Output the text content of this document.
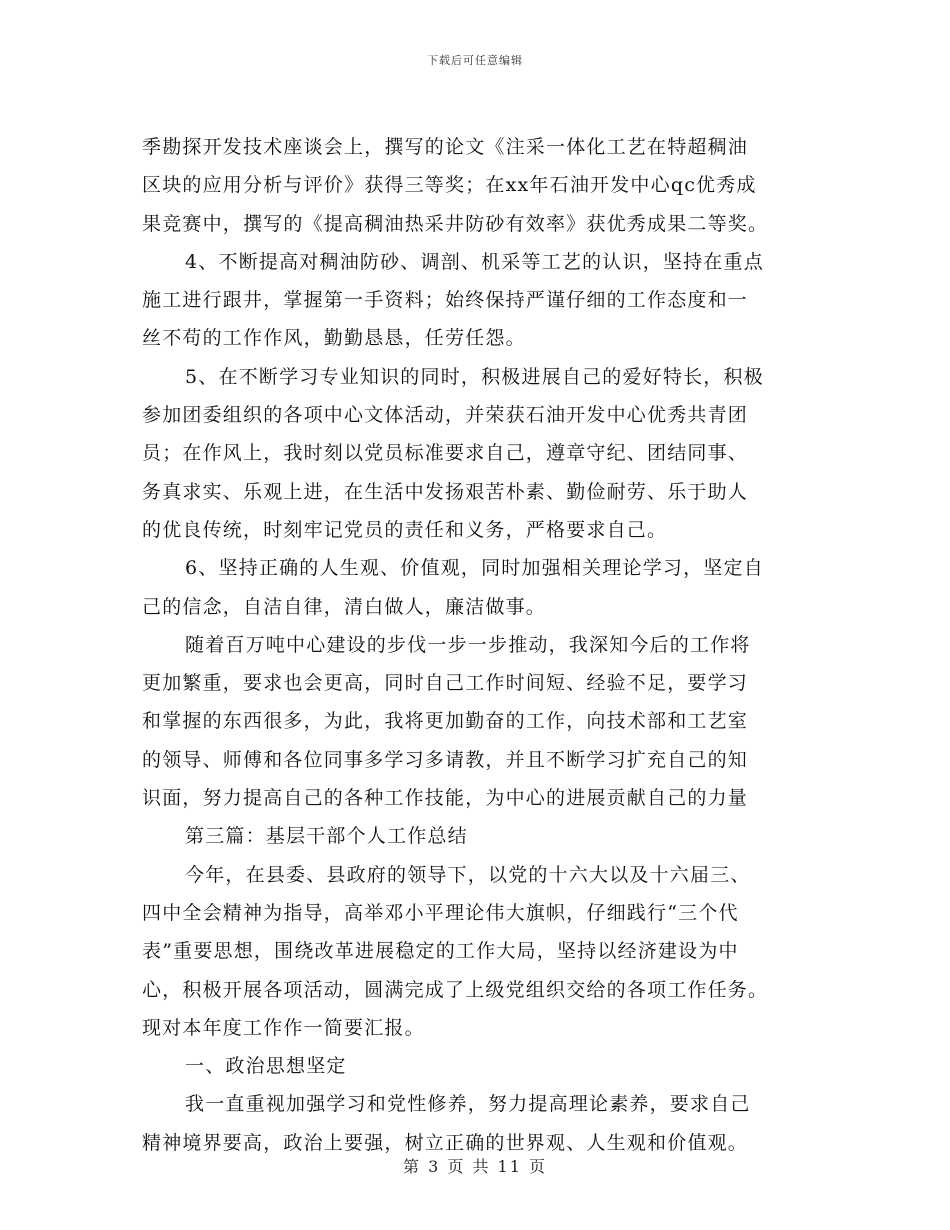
下载后可任意编辑
季勘探开发技术座谈会上，撰写的论文《注采一体化工艺在特超稠油
区块的应用分析与评价》获得三等奖；在xx年石油开发中心qc优秀成
果竞赛中，撰写的《提高稠油热采井防砂有效率》获优秀成果二等奖。
4、不断提高对稠油防砂、调剖、机采等工艺的认识，坚持在重点
施工进行跟井，掌握第一手资料；始终保持严谨仔细的工作态度和一
丝不苟的工作作风，勤勤恳恳，任劳任怨。
5、在不断学习专业知识的同时，积极进展自己的爱好特长，积极
参加团委组织的各项中心文体活动，并荣获石油开发中心优秀共青团
员；在作风上，我时刻以党员标准要求自己，遵章守纪、团结同事、
务真求实、乐观上进，在生活中发扬艰苦朴素、勤俭耐劳、乐于助人
的优良传统，时刻牢记党员的责任和义务，严格要求自己。
6、坚持正确的人生观、价值观，同时加强相关理论学习，坚定自
己的信念，自洁自律，清白做人，廉洁做事。
随着百万吨中心建设的步伐一步一步推动，我深知今后的工作将
更加繁重，要求也会更高，同时自己工作时间短、经验不足，要学习
和掌握的东西很多，为此，我将更加勤奋的工作，向技术部和工艺室
的领导、师傅和各位同事多学习多请教，并且不断学习扩充自己的知
识面，努力提高自己的各种工作技能，为中心的进展贡献自己的力量
第三篇：基层干部个人工作总结
今年，在县委、县政府的领导下，以党的十六大以及十六届三、
四中全会精神为指导，高举邓小平理论伟大旗帜，仔细践行“三个代
表”重要思想，围绕改革进展稳定的工作大局，坚持以经济建设为中
心，积极开展各项活动，圆满完成了上级党组织交给的各项工作任务。
现对本年度工作作一简要汇报。
一、政治思想坚定
我一直重视加强学习和党性修养，努力提高理论素养，要求自己
精神境界要高，政治上要强，树立正确的世界观、人生观和价值观。
第 3 页 共 11 页
